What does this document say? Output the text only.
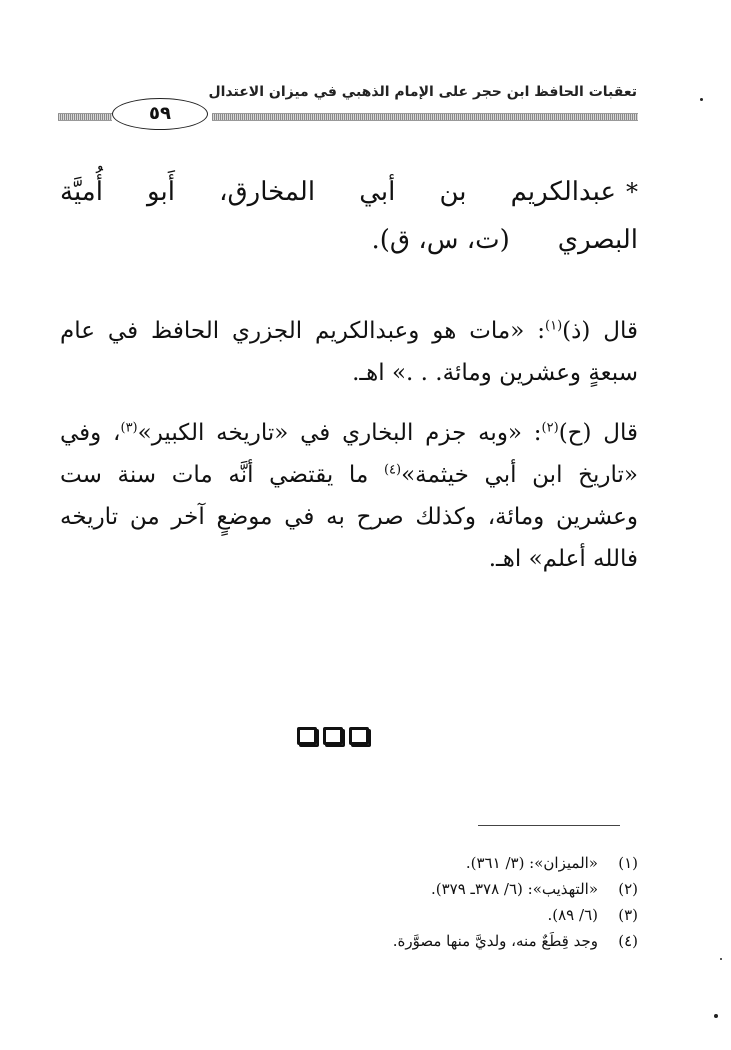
تعقبات الحافظ ابن حجر على الإمام الذهبي في ميزان الاعتدال
٥٩
*عبدالكريم بن أبي المخارق، أَبو أُميَّة البصري(ت، س، ق).
قال (ذ)$^{(١)}$: «مات هو وعبدالكريم الجزري الحافظ في عام سبعةٍ وعشرين ومائة. . .» اهـ.
قال (ح)$^{(٢)}$: «وبه جزم البخاري في «تاريخه الكبير»$^{(٣)}$، وفي «تاريخ ابن أبي خيثمة»$^{(٤)}$ ما يقتضي أنَّه مات سنة ست وعشرين ومائة، وكذلك صرح به في موضعٍ آخر من تاريخه فالله أعلم» اهـ.
(١)
«الميزان»: (٣/ ٣٦١).
(٢)
«التهذيب»: (٦/ ٣٧٨ـ ٣٧٩).
(٣)
(٦/ ٨٩).
(٤)
وجد قِطَعٌ منه، ولديَّ منها مصوَّرة.
